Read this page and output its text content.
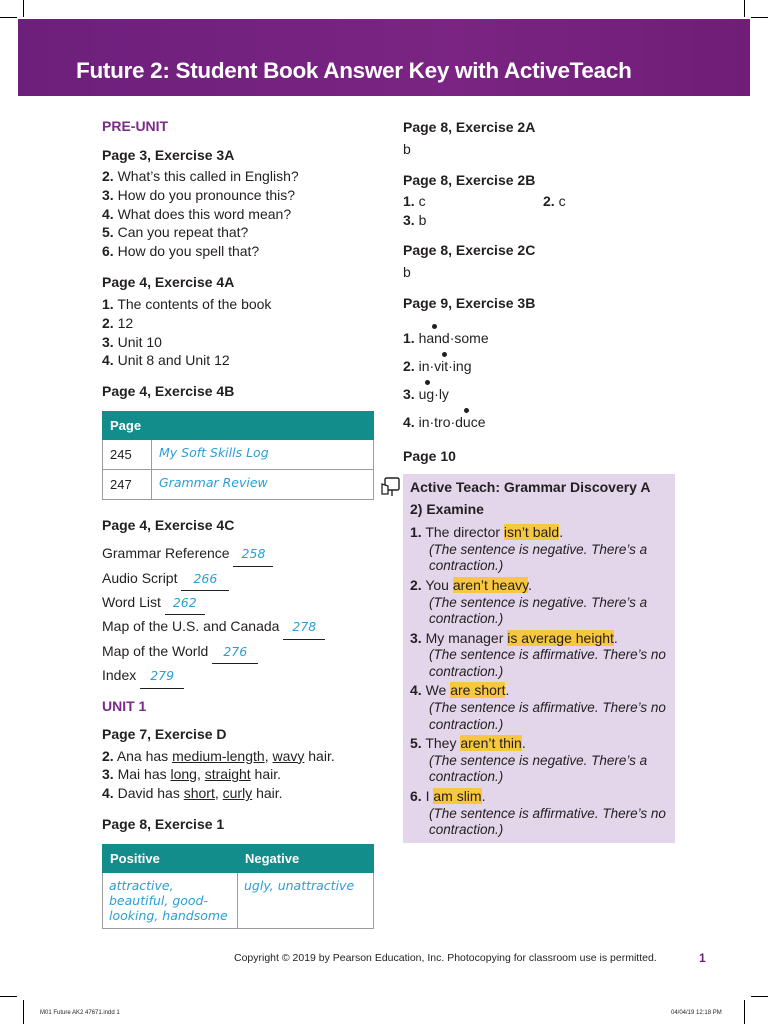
Future 2: Student Book Answer Key with ActiveTeach
PRE-UNIT
Page 3, Exercise 3A
2. What’s this called in English?
3. How do you pronounce this?
4. What does this word mean?
5. Can you repeat that?
6. How do you spell that?
Page 4, Exercise 4A
1. The contents of the book
2. 12
3. Unit 10
4. Unit 8 and Unit 12
Page 4, Exercise 4B
Page	
245	My Soft Skills Log
247	Grammar Review
Page 4, Exercise 4C
Grammar Reference 258
Audio Script 266
Word List 262
Map of the U.S. and Canada 278
Map of the World 276
Index 279
UNIT 1
Page 7, Exercise D
2. Ana has medium-length, wavy hair.
3. Mai has long, straight hair.
4. David has short, curly hair.
Page 8, Exercise 1
Positive	Negative

attractive, beautiful, good-looking, handsome	ugly, unattractive
Page 8, Exercise 2A
b
Page 8, Exercise 2B
1. c	2. c
3. b
Page 8, Exercise 2C
b
Page 9, Exercise 3B
1. hand·some
2. in·vit·ing
3. ug·ly
4. in·tro·duce
Page 10
Active Teach: Grammar Discovery A
2) Examine
1. The director isn’t bald.
(The sentence is negative. There’s a contraction.)
2. You aren’t heavy.
(The sentence is negative. There’s a contraction.)
3. My manager is average height.
(The sentence is affirmative. There’s no contraction.)
4. We are short.
(The sentence is affirmative. There’s no contraction.)
5. They aren’t thin.
(The sentence is negative. There’s a contraction.)
6. I am slim.
(The sentence is affirmative. There’s no contraction.)
Copyright © 2019 by Pearson Education, Inc. Photocopying for classroom use is permitted.	1
M01 Future AK2 47671.indd 1	04/04/19 12:18 PM
